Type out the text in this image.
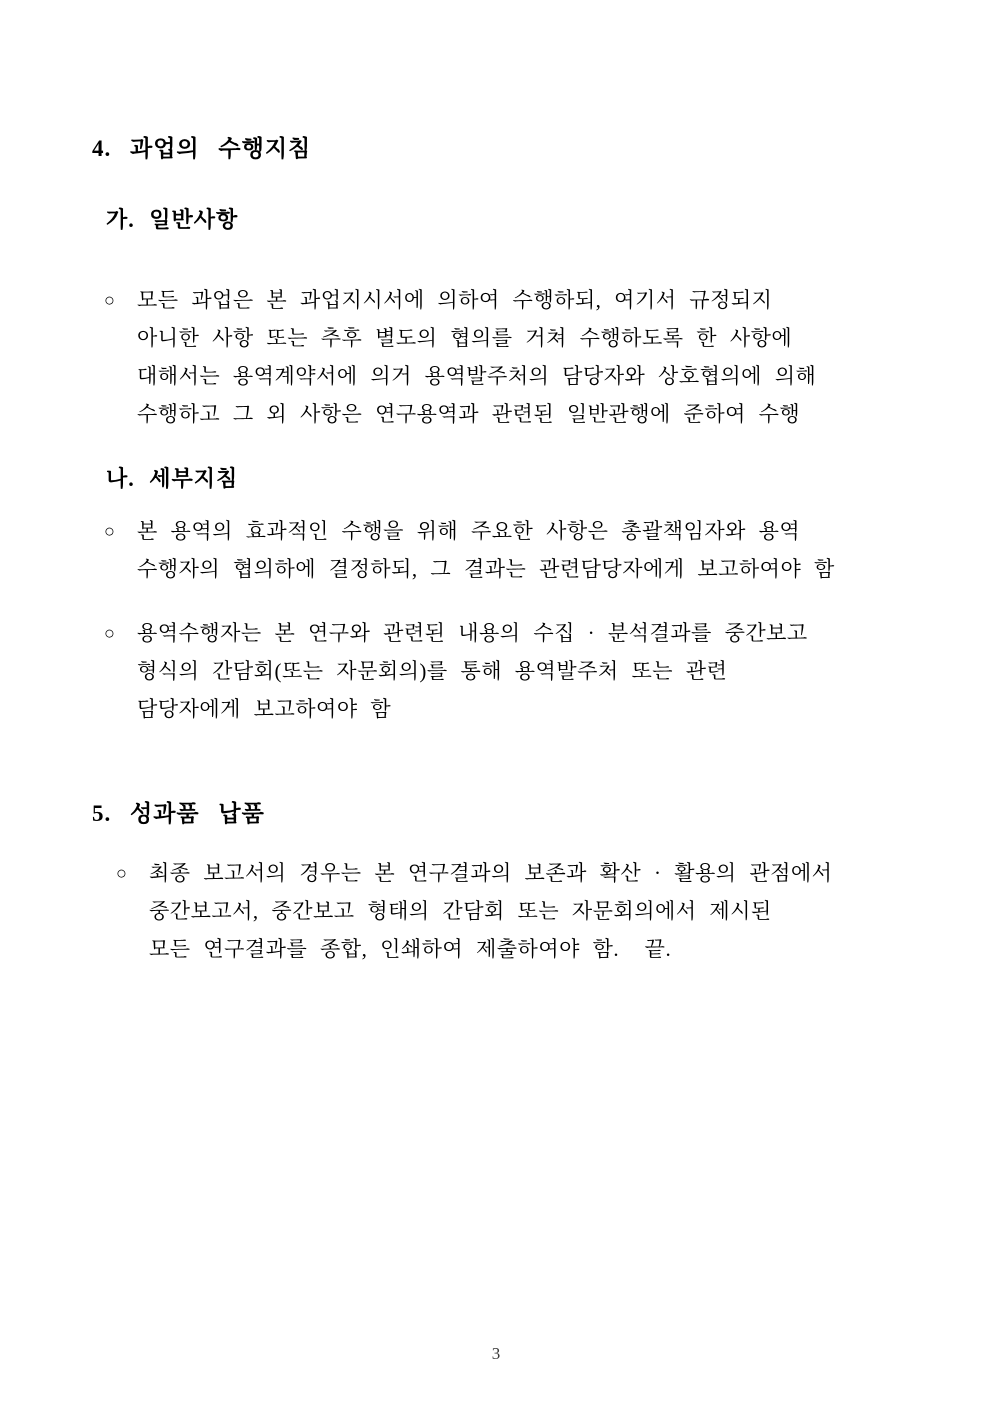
4. 과업의 수행지침
가. 일반사항
○	모든 과업은 본 과업지시서에 의하여 수행하되, 여기서 규정되지
아니한 사항 또는 추후 별도의 협의를 거쳐 수행하도록 한 사항에
대해서는 용역계약서에 의거 용역발주처의 담당자와 상호협의에 의해
수행하고 그 외 사항은 연구용역과 관련된 일반관행에 준하여 수행
나. 세부지침
○	본 용역의 효과적인 수행을 위해 주요한 사항은 총괄책임자와 용역
수행자의 협의하에 결정하되, 그 결과는 관련담당자에게 보고하여야 함
○	용역수행자는 본 연구와 관련된 내용의 수집 · 분석결과를 중간보고
형식의 간담회(또는 자문회의)를 통해 용역발주처 또는 관련
담당자에게 보고하여야 함
5. 성과품 납품
○	최종 보고서의 경우는 본 연구결과의 보존과 확산 · 활용의 관점에서
중간보고서, 중간보고 형태의 간담회 또는 자문회의에서 제시된
모든 연구결과를 종합, 인쇄하여 제출하여야 함.  끝.
3
